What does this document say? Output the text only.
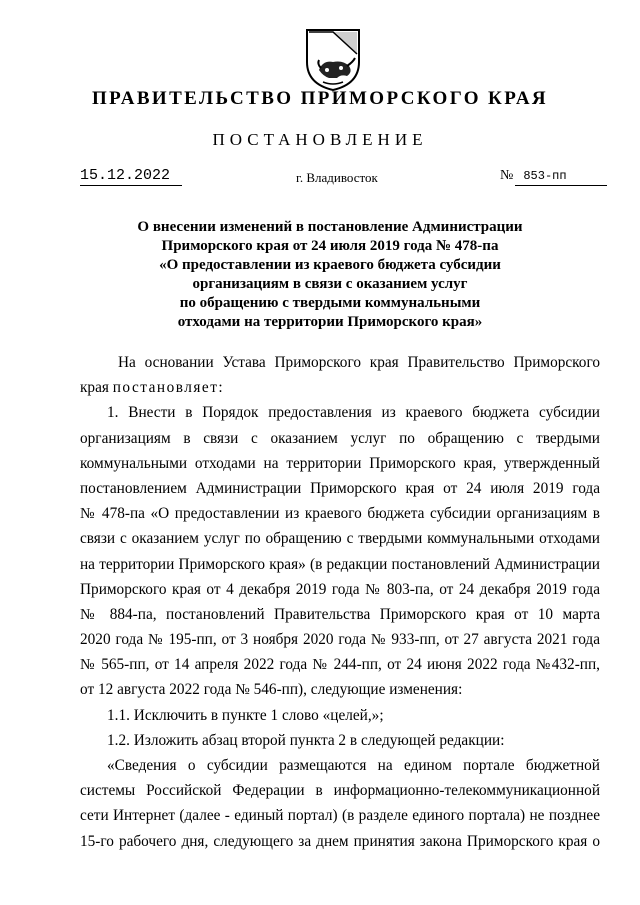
ПРАВИТЕЛЬСТВО ПРИМОРСКОГО КРАЯ
ПОСТАНОВЛЕНИЕ
15.12.2022	г. Владивосток	№ 853-пп
О внесении изменений в постановление Администрации
Приморского края от 24 июля 2019 года № 478-па
«О предоставлении из краевого бюджета субсидии
организациям в связи с оказанием услуг
по обращению с твердыми коммунальными
отходами на территории Приморского края»
На основании Устава Приморского края Правительство Приморского
края постановляет:
1. Внести в Порядок предоставления из краевого бюджета субсидии
организациям в связи с оказанием услуг по обращению с твердыми
коммунальными отходами на территории Приморского края, утвержденный
постановлением Администрации Приморского края от 24 июля 2019 года
№ 478-па «О предоставлении из краевого бюджета субсидии организациям в
связи с оказанием услуг по обращению с твердыми коммунальными отходами
на территории Приморского края» (в редакции постановлений Администрации
Приморского края от 4 декабря 2019 года № 803-па, от 24 декабря 2019 года
№ 884-па, постановлений Правительства Приморского края от 10 марта
2020 года № 195-пп, от 3 ноября 2020 года № 933-пп, от 27 августа 2021 года
№ 565-пп, от 14 апреля 2022 года № 244-пп, от 24 июня 2022 года №432-пп,
от 12 августа 2022 года № 546-пп), следующие изменения:
1.1. Исключить в пункте 1 слово «целей,»;
1.2. Изложить абзац второй пункта 2 в следующей редакции:
«Сведения о субсидии размещаются на едином портале бюджетной
системы Российской Федерации в информационно-телекоммуникационной
сети Интернет (далее - единый портал) (в разделе единого портала) не позднее
15-го рабочего дня, следующего за днем принятия закона Приморского края о
